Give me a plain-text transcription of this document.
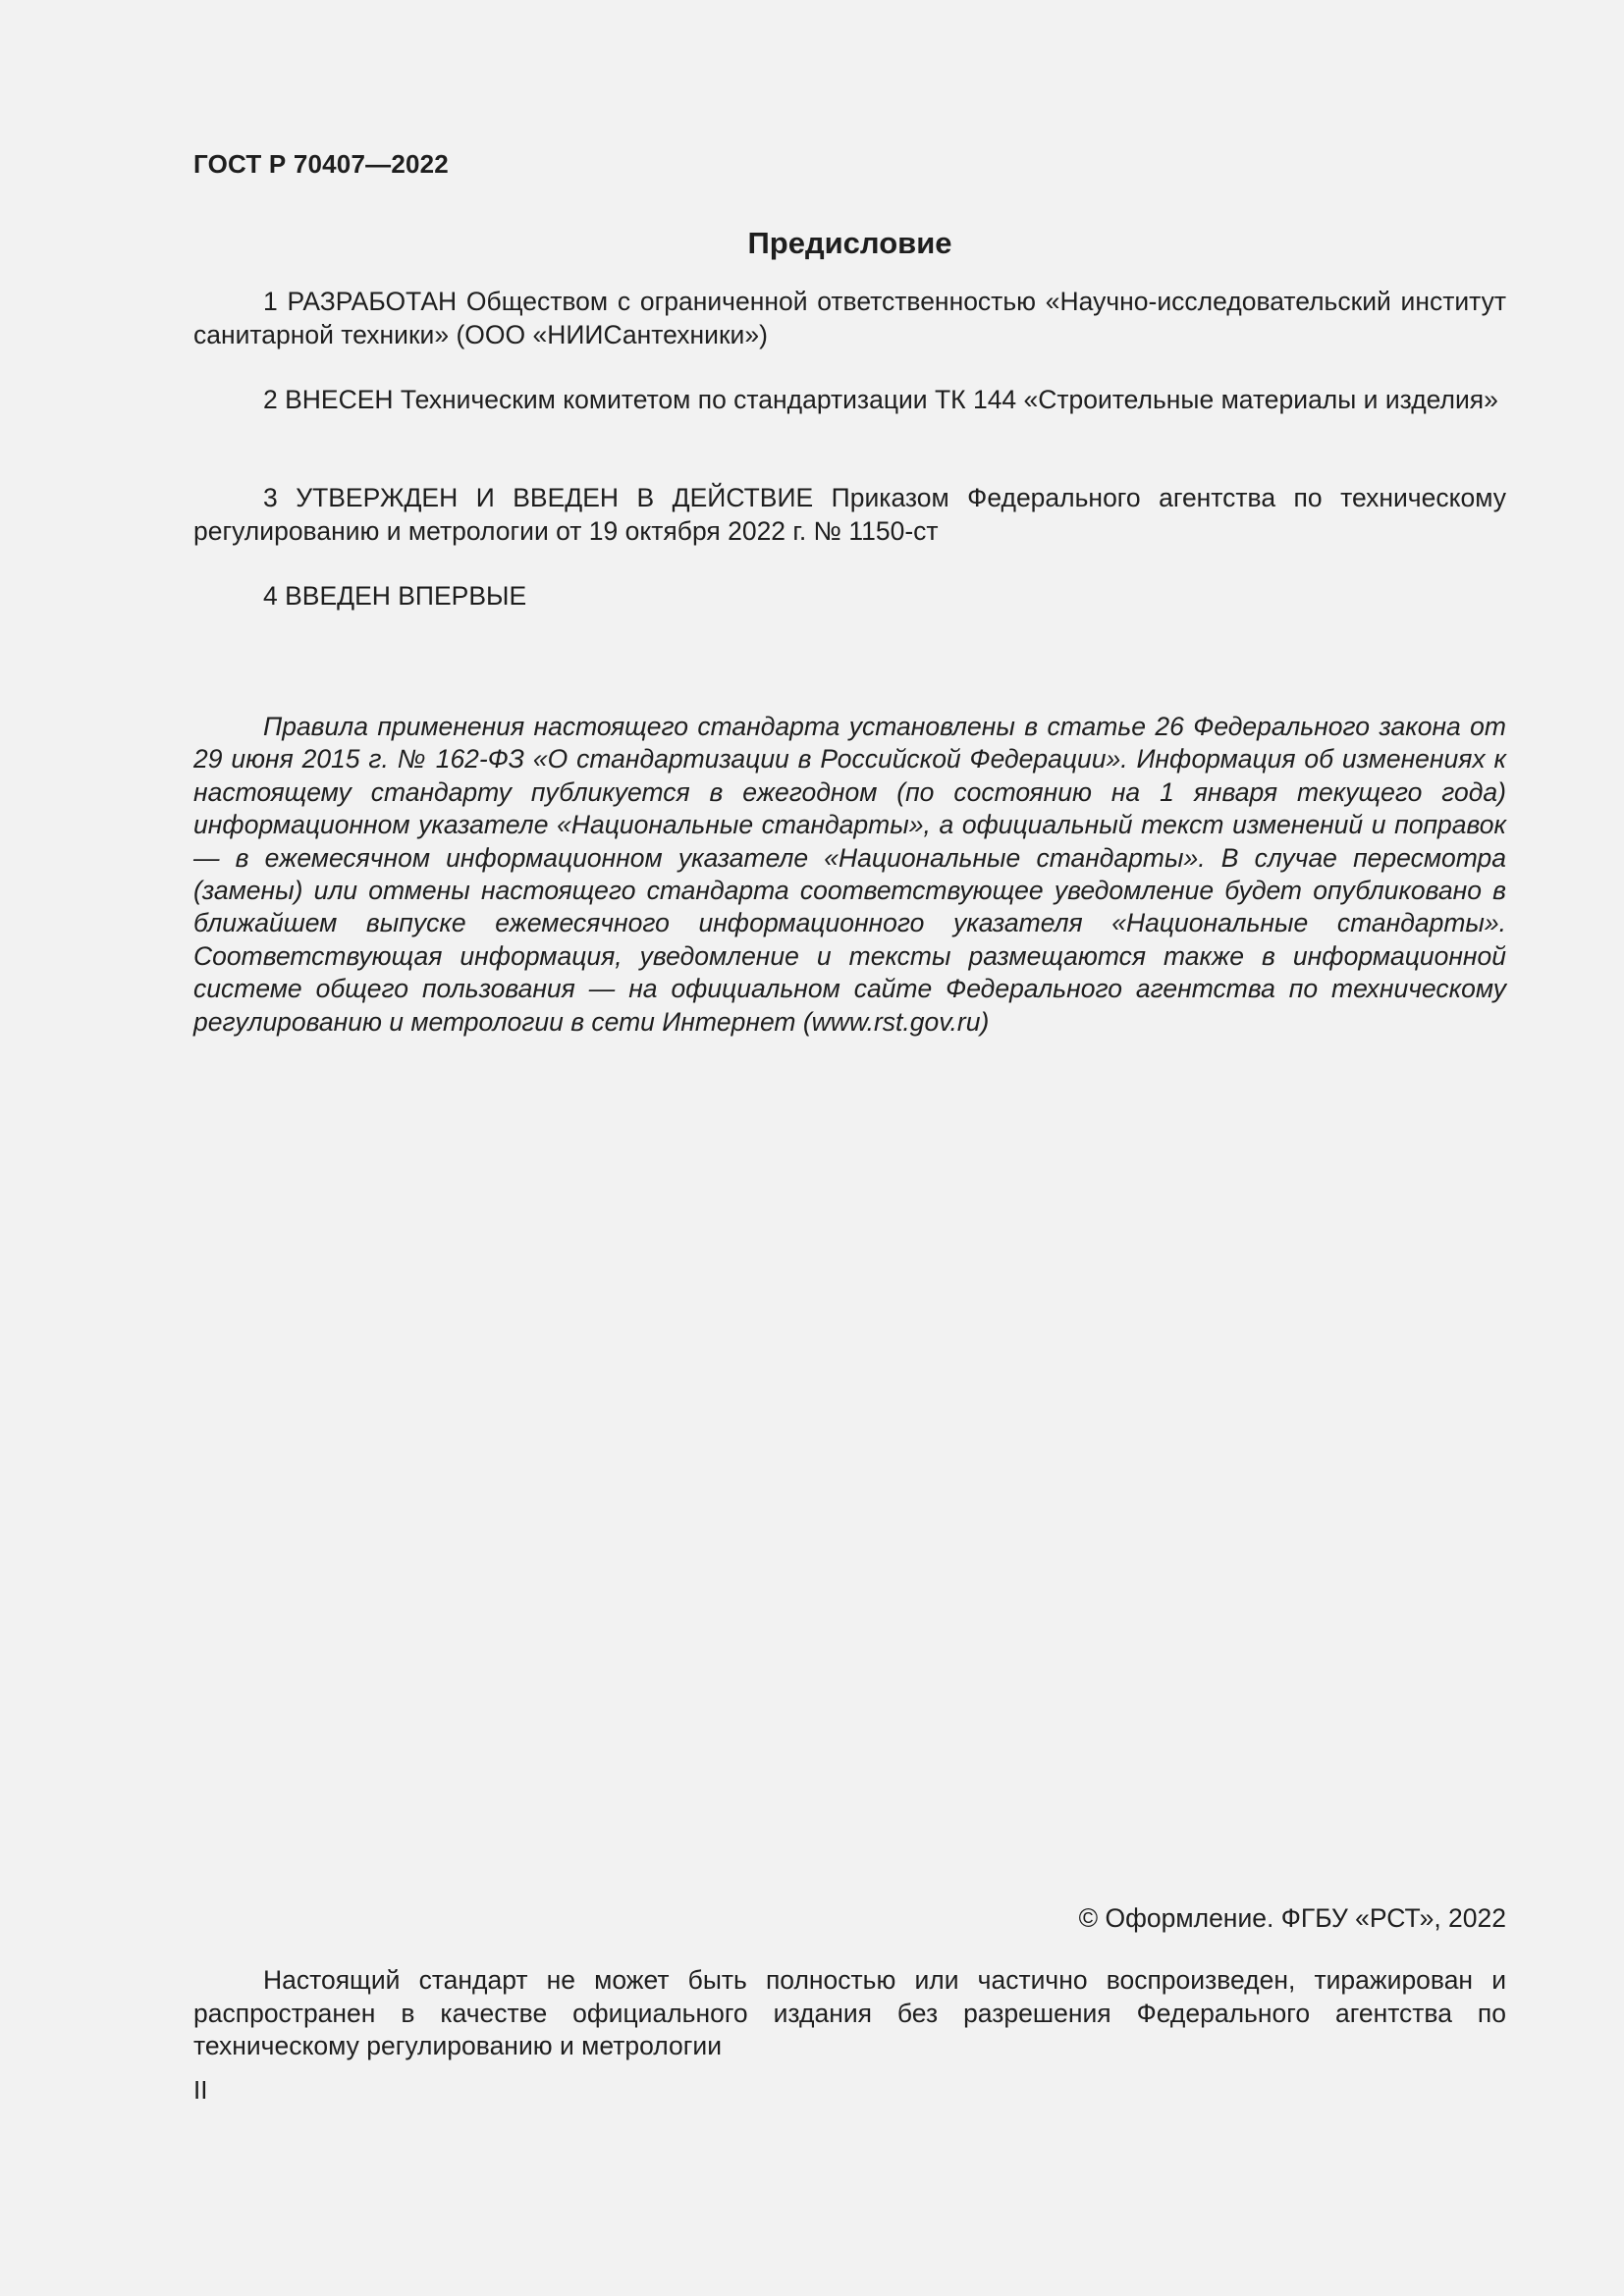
ГОСТ Р 70407—2022
Предисловие

1 РАЗРАБОТАН Обществом с ограниченной ответственностью «Научно-исследовательский институт санитарной техники» (ООО «НИИСантехники»)

2 ВНЕСЕН Техническим комитетом по стандартизации ТК 144 «Строительные материалы и изделия»

3 УТВЕРЖДЕН И ВВЕДЕН В ДЕЙСТВИЕ Приказом Федерального агентства по техническому регулированию и метрологии от 19 октября 2022 г. № 1150-ст

4 ВВЕДЕН ВПЕРВЫЕ

Правила применения настоящего стандарта установлены в статье 26 Федерального закона от 29 июня 2015 г. № 162-ФЗ «О стандартизации в Российской Федерации». Информация об изменениях к настоящему стандарту публикуется в ежегодном (по состоянию на 1 января текущего года) информационном указателе «Национальные стандарты», а официальный текст изменений и поправок — в ежемесячном информационном указателе «Национальные стандарты». В случае пересмотра (замены) или отмены настоящего стандарта соответствующее уведомление будет опубликовано в ближайшем выпуске ежемесячного информационного указателя «Национальные стандарты». Соответствующая информация, уведомление и тексты размещаются также в информационной системе общего пользования — на официальном сайте Федерального агентства по техническому регулированию и метрологии в сети Интернет (www.rst.gov.ru)

© Оформление. ФГБУ «РСТ», 2022

Настоящий стандарт не может быть полностью или частично воспроизведен, тиражирован и распространен в качестве официального издания без разрешения Федерального агентства по техническому регулированию и метрологии

II
